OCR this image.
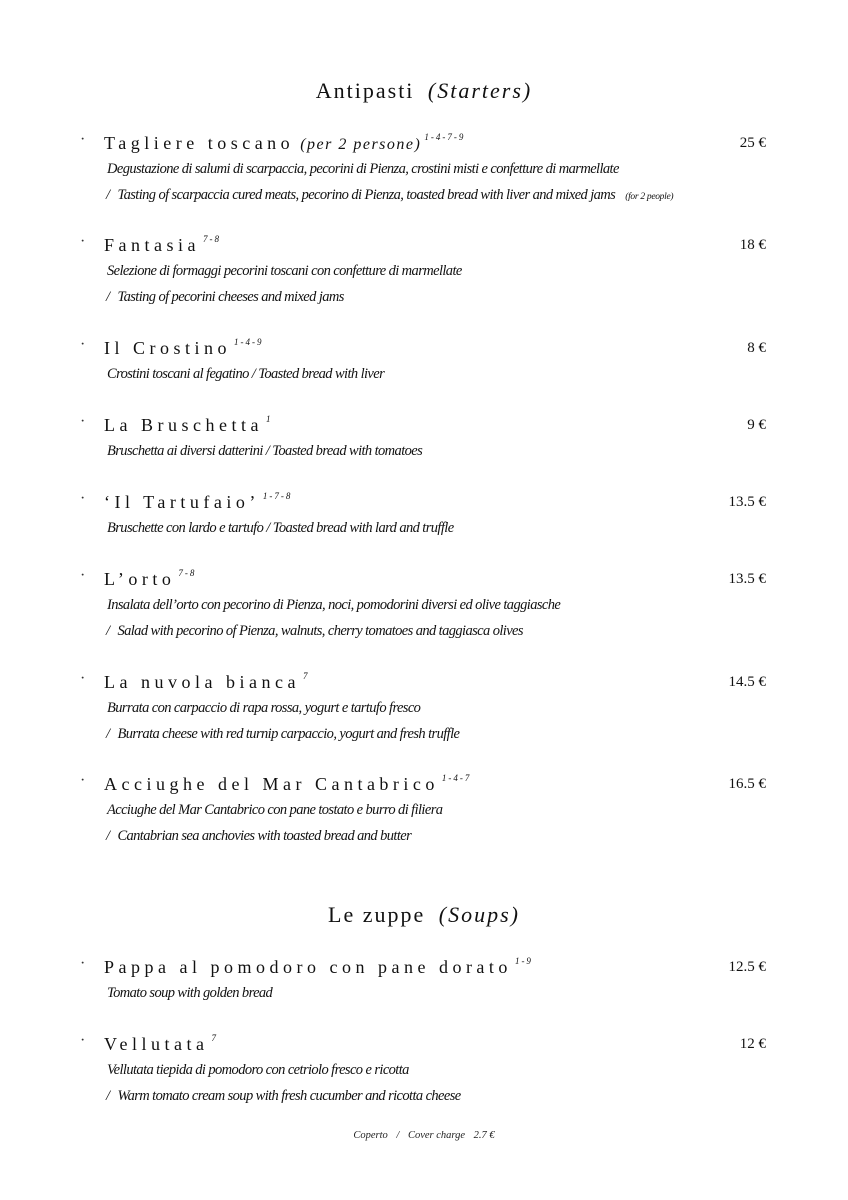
Antipasti (Starters)
· Tagliere toscano (per 2 persone) $^{1-4-7-9}$	25 €
Degustazione di salumi di scarpaccia, pecorini di Pienza, crostini misti e confetture di marmellate
/ Tasting of scarpaccia cured meats, pecorino di Pienza, toasted bread with liver and mixed jams (for 2 people)
· Fantasia $^{7-8}$	18 €
Selezione di formaggi pecorini toscani con confetture di marmellate
/ Tasting of pecorini cheeses and mixed jams
· Il Crostino $^{1-4-9}$	8 €
Crostini toscani al fegatino / Toasted bread with liver
· La Bruschetta $^1$	9 €
Bruschetta ai diversi datterini / Toasted bread with tomatoes
· ‘Il Tartufaio’ $^{1-7-8}$	13.5 €
Bruschette con lardo e tartufo / Toasted bread with lard and truffle
· L’orto $^{7-8}$	13.5 €
Insalata dell’orto con pecorino di Pienza, noci, pomodorini diversi ed olive taggiasche
/ Salad with pecorino of Pienza, walnuts, cherry tomatoes and taggiasca olives
· La nuvola bianca $^7$	14.5 €
Burrata con carpaccio di rapa rossa, yogurt e tartufo fresco
/ Burrata cheese with red turnip carpaccio, yogurt and fresh truffle
· Acciughe del Mar Cantabrico $^{1-4-7}$	16.5 €
Acciughe del Mar Cantabrico con pane tostato e burro di filiera
/ Cantabrian sea anchovies with toasted bread and butter
Le zuppe (Soups)
· Pappa al pomodoro con pane dorato $^{1-9}$	12.5 €
Tomato soup with golden bread
· Vellutata $^7$	12 €
Vellutata tiepida di pomodoro con cetriolo fresco e ricotta
/ Warm tomato cream soup with fresh cucumber and ricotta cheese
Coperto / Cover charge 2.7 €
